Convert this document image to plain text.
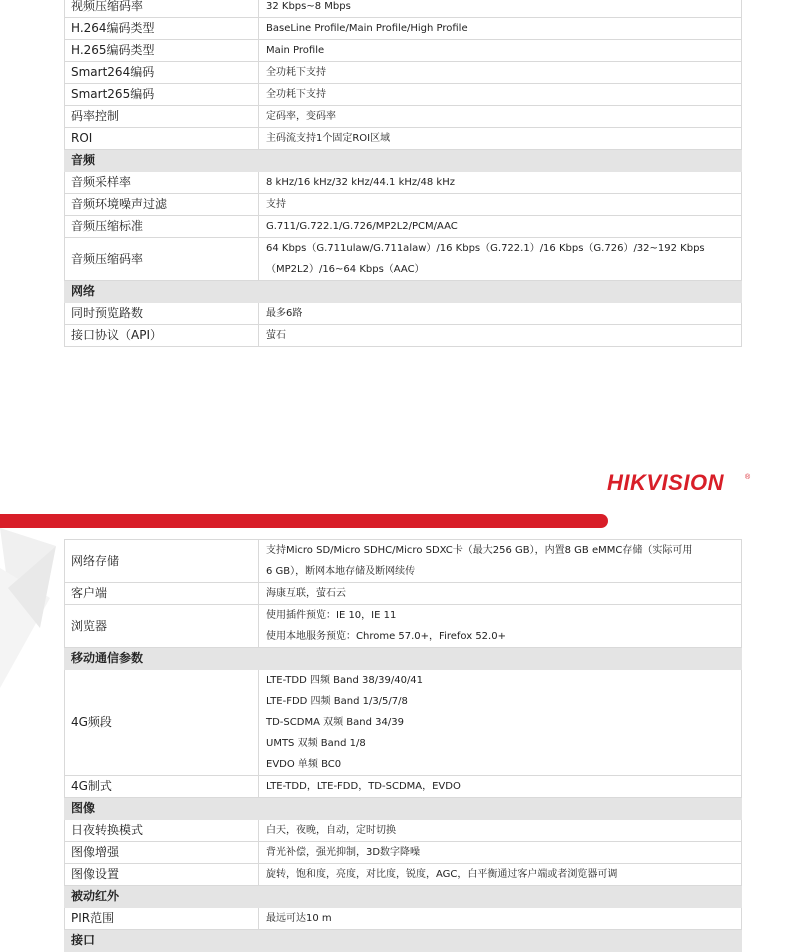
视频压缩码率	32 Kbps~8 Mbps

H.264编码类型	BaseLine Profile/Main Profile/High Profile

H.265编码类型	Main Profile

Smart264编码	全功耗下支持

Smart265编码	全功耗下支持

码率控制	定码率，变码率

ROI	主码流支持1个固定ROI区域

音频	
音频采样率	8 kHz/16 kHz/32 kHz/44.1 kHz/48 kHz

音频环境噪声过滤	支持

音频压缩标准	G.711/G.722.1/G.726/MP2L2/PCM/AAC

音频压缩码率	64 Kbps（G.711ulaw/G.711alaw）/16 Kbps（G.722.1）/16 Kbps（G.726）/32~192 Kbps
（MP2L2）/16~64 Kbps（AAC）

网络	
同时预览路数	最多6路

接口协议（API）	萤石
HIKVISION	®
网络存储	支持Micro SD/Micro SDHC/Micro SDXC卡（最大256 GB），内置8 GB eMMC存储（实际可用
6 GB），断网本地存储及断网续传

客户端	海康互联，萤石云

浏览器	使用插件预览：IE 10，IE 11
使用本地服务预览：Chrome 57.0+，Firefox 52.0+

移动通信参数	
4G频段	LTE-TDD 四频 Band 38/39/40/41
LTE-FDD 四频 Band 1/3/5/7/8
TD-SCDMA 双频 Band 34/39
UMTS 双频 Band 1/8
EVDO 单频 BC0

4G制式	LTE-TDD，LTE-FDD，TD-SCDMA，EVDO

图像	
日夜转换模式	白天，夜晚，自动，定时切换

图像增强	背光补偿，强光抑制，3D数字降噪

图像设置	旋转，饱和度，亮度，对比度，锐度，AGC，白平衡通过客户端或者浏览器可调

被动红外	
PIR范围	最远可达10 m

接口	
